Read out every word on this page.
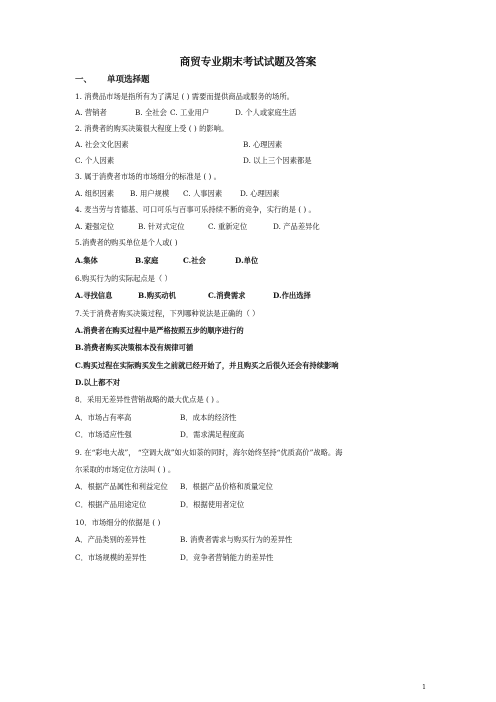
商贸专业期末考试试题及答案
一、 单项选择题
1. 消费品市场是指所有为了满足 ( ) 需要而提供商品或服务的场所。
A. 营销者	B. 全社会 C. 工业用户	D. 个人或家庭生活
2. 消费者的购买决策很大程度上受 ( ) 的影响。
A. 社会文化因素	B. 心理因素
C. 个人因素	D. 以上三个因素都是
3. 属于消费者市场的市场细分的标准是 ( ) 。
A. 组织因素 B. 用户规模 C. 人事因素 D. 心理因素
4. 麦当劳与肯德基、可口可乐与百事可乐持续不断的竞争，实行的是 ( ) 。
A. 避强定位	B. 针对式定位	C. 重新定位	D. 产品差异化
5.消费者的购买单位是个人或( )
A.集体	B.家庭	C.社会	D.单位
6.购买行为的实际起点是（ ）
A.寻找信息	B.购买动机	C.消费需求	D.作出选择
7.关于消费者购买决策过程，下列哪种说法是正确的（ ）
A.消费者在购买过程中是严格按照五步的顺序进行的
B.消费者购买决策根本没有规律可循
C.购买过程在实际购买发生之前就已经开始了，并且购买之后很久还会有持续影响
D.以上都不对
8．采用无差异性营销战略的最大优点是 ( ) 。
A．市场占有率高	B．成本的经济性
C．市场适应性强	D．需求满足程度高
9. 在“彩电大战”， “空调大战”如火如荼的同时，海尔始终坚持“优质高价”战略。海
尔采取的市场定位方法叫 ( ) 。
A．根据产品属性和利益定位 B．根据产品价格和质量定位
C．根据产品用途定位	D．根据使用者定位
10．市场细分的依据是 ( )
A．产品类别的差异性	B. 消费者需求与购买行为的差异性
C．市场规模的差异性	D．竞争者营销能力的差异性
1
